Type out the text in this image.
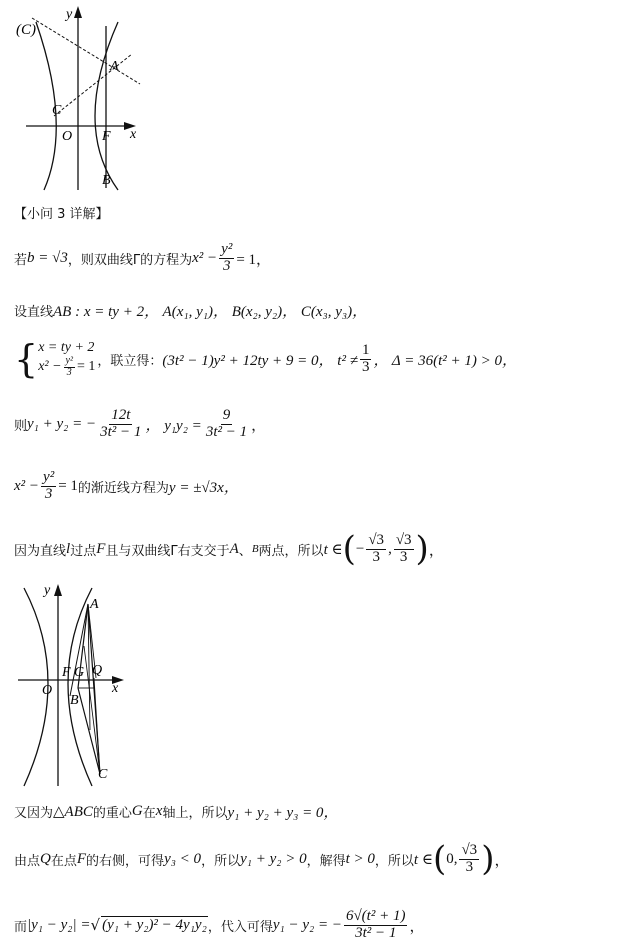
(C)
y
x
O F
A
B
C
【小问 3 详解】
若 b = √3 ，则双曲线Γ的方程为 $x^2 - \frac{\text{y²}}{3} = 1$，
设直线 AB : x = ty + 2， A(x₁, y₁)， B(x₂, y₂)， C(x₃, y₃)，
{ x = ty + 2
$x^2 - \frac{\text{y²}}{3} = 1$ ，联立得： (3t² − 1)y² + 12ty + 9 = 0， $t^2 \ne \frac{1}{3}$ ， Δ = 36(t² + 1) > 0，
则 y₁ + y₂ = − $\frac{12t}{\text{3t² − 1}}$ ， $y_1y_2 = \frac{9}{\text{3t² − 1}}$ ，
$x^2 - \frac{\text{y²}}{3} = 1$ 的渐近线方程为 y = ±√3x，
因为直线 l 过点 F 且与双曲线Γ右支交于 A 、 B 两点，所以 t ∈ ( − $\frac{√3}{3}$ , $\frac{√3}{3}$ ) ，
y
x
O
F G Q
A
B
C
又因为 △ABC 的重心 G 在 x 轴上，所以 y₁ + y₂ + y₃ = 0，
由点 Q 在点 F 的右侧，可得 y₃ < 0 ，所以 y₁ + y₂ > 0 ，解得 t > 0 ，所以 t ∈ ( 0, $\frac{√3}{3}$ ) ，
而 |y₁ − y₂| = √ (y₁ + y₂)² − 4y₁y₂ ，代入可得 y₁ − y₂ = − $\frac{\text{6√(t² + 1)}}{\text{3t² − 1}}$ ，
